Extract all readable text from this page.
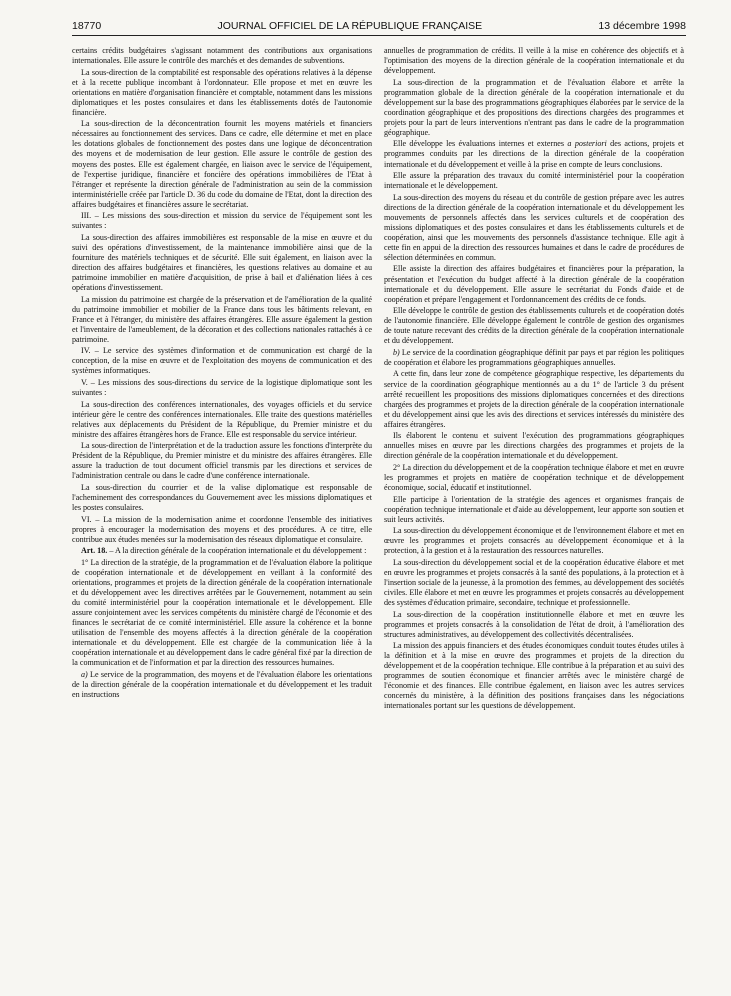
18770	JOURNAL OFFICIEL DE LA RÉPUBLIQUE FRANÇAISE	13 décembre 1998

certains crédits budgétaires s'agissant notamment des contributions aux organisations internationales. Elle assure le contrôle des marchés et des demandes de subventions.

La sous-direction de la comptabilité est responsable des opérations relatives à la dépense et à la recette publique incombant à l'ordonnateur. Elle propose et met en œuvre les orientations en matière d'organisation financière et comptable, notamment dans les missions diplomatiques et les postes consulaires et dans les établissements dotés de l'autonomie financière.

La sous-direction de la déconcentration fournit les moyens matériels et financiers nécessaires au fonctionnement des services. Dans ce cadre, elle détermine et met en place les dotations globales de fonctionnement des postes dans une logique de déconcentration des moyens et de modernisation de leur gestion. Elle assure le contrôle de gestion des moyens des postes. Elle est également chargée, en liaison avec le service de l'équipement, de l'expertise juridique, financière et foncière des opérations immobilières de l'Etat à l'étranger et représente la direction générale de l'administration au sein de la commission interministérielle créée par l'article D. 36 du code du domaine de l'Etat, dont la direction des affaires budgétaires et financières assure le secrétariat.

III. – Les missions des sous-direction et mission du service de l'équipement sont les suivantes :

La sous-direction des affaires immobilières est responsable de la mise en œuvre et du suivi des opérations d'investissement, de la maintenance immobilière ainsi que de la fourniture des matériels techniques et de sécurité. Elle suit également, en liaison avec la direction des affaires budgétaires et financières, les questions relatives au domaine et au patrimoine immobilier en matière d'acquisition, de prise à bail et d'aliénation liées à ces opérations d'investissement.

La mission du patrimoine est chargée de la préservation et de l'amélioration de la qualité du patrimoine immobilier et mobilier de la France dans tous les bâtiments relevant, en France et à l'étranger, du ministère des affaires étrangères. Elle assure également la gestion et l'inventaire de l'ameublement, de la décoration et des collections nationales rattachés à ce patrimoine.

IV. – Le service des systèmes d'information et de communication est chargé de la conception, de la mise en œuvre et de l'exploitation des moyens de communication et des systèmes informatiques.

V. – Les missions des sous-directions du service de la logistique diplomatique sont les suivantes :

La sous-direction des conférences internationales, des voyages officiels et du service intérieur gère le centre des conférences internationales. Elle traite des questions matérielles relatives aux déplacements du Président de la République, du Premier ministre et du ministre des affaires étrangères hors de France. Elle est responsable du service intérieur.

La sous-direction de l'interprétation et de la traduction assure les fonctions d'interprète du Président de la République, du Premier ministre et du ministre des affaires étrangères. Elle assure la traduction de tout document officiel transmis par les directions et services de l'administration centrale ou dans le cadre d'une conférence internationale.

La sous-direction du courrier et de la valise diplomatique est responsable de l'acheminement des correspondances du Gouvernement avec les missions diplomatiques et les postes consulaires.

VI. – La mission de la modernisation anime et coordonne l'ensemble des initiatives propres à encourager la modernisation des moyens et des procédures. A ce titre, elle contribue aux études menées sur la modernisation des réseaux diplomatique et consulaire.

Art. 18. – A la direction générale de la coopération internationale et du développement :

1° La direction de la stratégie, de la programmation et de l'évaluation élabore la politique de coopération internationale et de développement en veillant à la conformité des orientations, programmes et projets de la direction générale de la coopération internationale et du développement avec les directives arrêtées par le Gouvernement, notamment au sein du comité interministériel pour la coopération internationale et le développement. Elle assure conjointement avec les services compétents du ministère chargé de l'économie et des finances le secrétariat de ce comité interministériel. Elle assure la cohérence et la bonne utilisation de l'ensemble des moyens affectés à la direction générale de la coopération internationale et du développement. Elle est chargée de la communication liée à la coopération internationale et au développement dans le cadre général fixé par la direction de la communication et de l'information et par la direction des ressources humaines.

a) Le service de la programmation, des moyens et de l'évaluation élabore les orientations de la direction générale de la coopération internationale et du développement et les traduit en instructions

annuelles de programmation de crédits. Il veille à la mise en cohérence des objectifs et à l'optimisation des moyens de la direction générale de la coopération internationale et du développement.

La sous-direction de la programmation et de l'évaluation élabore et arrête la programmation globale de la direction générale de la coopération internationale et du développement sur la base des programmations géographiques élaborées par le service de la coordination géographique et des propositions des directions chargées des programmes et projets pour la part de leurs interventions n'entrant pas dans le cadre de la programmation géographique.

Elle développe les évaluations internes et externes a posteriori des actions, projets et programmes conduits par les directions de la direction générale de la coopération internationale et du développement et veille à la prise en compte de leurs conclusions.

Elle assure la préparation des travaux du comité interministériel pour la coopération internationale et le développement.

La sous-direction des moyens du réseau et du contrôle de gestion prépare avec les autres directions de la direction générale de la coopération internationale et du développement les mouvements de personnels affectés dans les services culturels et de coopération des missions diplomatiques et des postes consulaires et dans les établissements culturels et de coopération, ainsi que les mouvements des personnels d'assistance technique. Elle agit à cette fin en appui de la direction des ressources humaines et dans le cadre de procédures de sélection déterminées en commun.

Elle assiste la direction des affaires budgétaires et financières pour la préparation, la présentation et l'exécution du budget affecté à la direction générale de la coopération internationale et du développement. Elle assure le secrétariat du Fonds d'aide et de coopération et prépare l'engagement et l'ordonnancement des crédits de ce fonds.

Elle développe le contrôle de gestion des établissements culturels et de coopération dotés de l'autonomie financière. Elle développe également le contrôle de gestion des organismes de toute nature recevant des crédits de la direction générale de la coopération internationale et du développement.

b) Le service de la coordination géographique définit par pays et par région les politiques de coopération et élabore les programmations géographiques annuelles.

A cette fin, dans leur zone de compétence géographique respective, les départements du service de la coordination géographique mentionnés au a du 1° de l'article 3 du présent arrêté recueillent les propositions des missions diplomatiques concernées et des directions chargées des programmes et projets de la direction générale de la coopération internationale et du développement ainsi que les avis des directions et services intéressés du ministère des affaires étrangères.

Ils élaborent le contenu et suivent l'exécution des programmations géographiques annuelles mises en œuvre par les directions chargées des programmes et projets de la direction générale de la coopération internationale et du développement.

2° La direction du développement et de la coopération technique élabore et met en œuvre les programmes et projets en matière de coopération technique et de développement économique, social, éducatif et institutionnel.

Elle participe à l'orientation de la stratégie des agences et organismes français de coopération technique internationale et d'aide au développement, leur apporte son soutien et suit leurs activités.

La sous-direction du développement économique et de l'environnement élabore et met en œuvre les programmes et projets consacrés au développement économique et à la protection, à la gestion et à la restauration des ressources naturelles.

La sous-direction du développement social et de la coopération éducative élabore et met en œuvre les programmes et projets consacrés à la santé des populations, à la protection et à l'insertion sociale de la jeunesse, à la promotion des femmes, au développement des sociétés civiles. Elle élabore et met en œuvre les programmes et projets consacrés au développement des systèmes d'éducation primaire, secondaire, technique et professionnelle.

La sous-direction de la coopération institutionnelle élabore et met en œuvre les programmes et projets consacrés à la consolidation de l'état de droit, à l'amélioration des structures administratives, au développement des collectivités décentralisées.

La mission des appuis financiers et des études économiques conduit toutes études utiles à la définition et à la mise en œuvre des programmes et projets de la direction du développement et de la coopération technique. Elle contribue à la préparation et au suivi des programmes de soutien économique et financier arrêtés avec le ministère chargé de l'économie et des finances. Elle contribue également, en liaison avec les autres services concernés du ministère, à la définition des positions françaises dans les négociations internationales portant sur les questions de développement.
